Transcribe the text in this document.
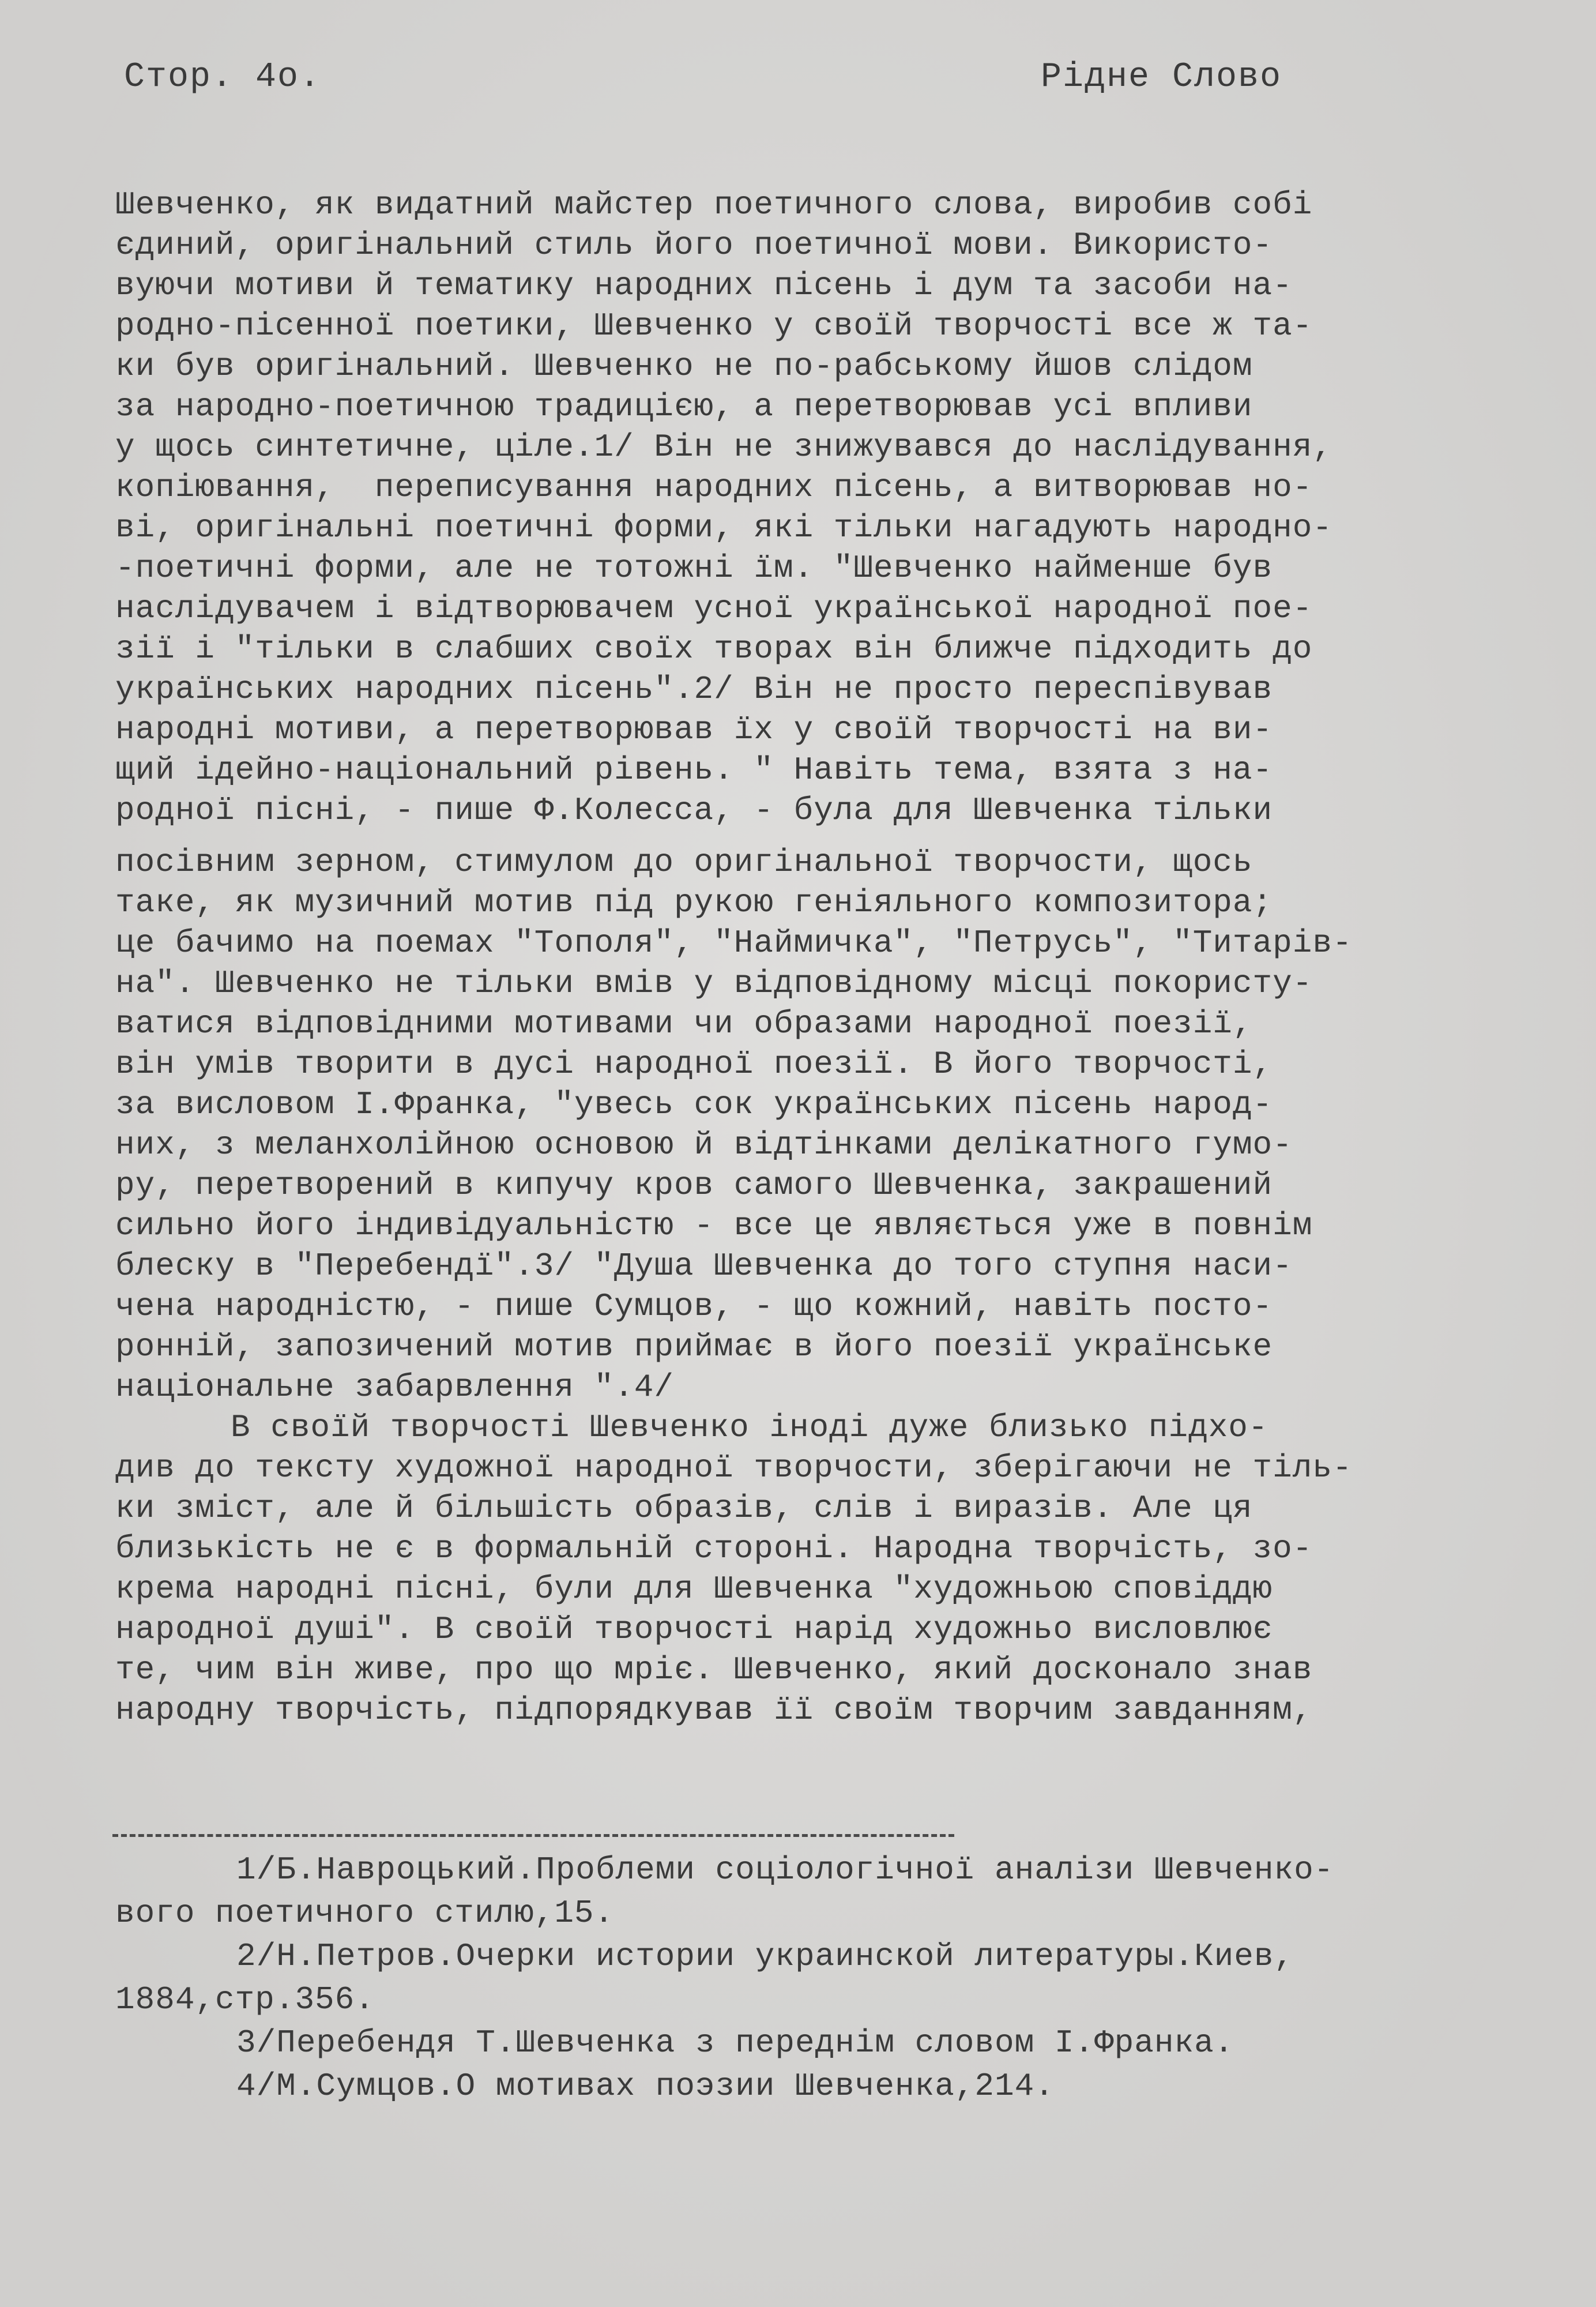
Стор. 4о.	Рідне Слово
Шевченко, як видатний майстер поетичного слова, виробив собі
єдиний, оригінальний стиль його поетичної мови. Використо-
вуючи мотиви й тематику народних пісень і дум та засоби на-
родно-пісенної поетики, Шевченко у своїй творчості все ж та-
ки був оригінальний. Шевченко не по-рабському йшов слідом
за народно-поетичною традицією, а перетворював усі впливи
у щось синтетичне, ціле.1/ Він не знижувався до наслідування,
копіювання,  переписування народних пісень, а витворював но-
ві, оригінальні поетичні форми, які тільки нагадують народно-
-поетичні форми, але не тотожні їм. "Шевченко найменше був
наслідувачем і відтворювачем усної української народної пое-
зії і "тільки в слабших своїх творах він ближче підходить до
українських народних пісень".2/ Він не просто переспівував
народні мотиви, а перетворював їх у своїй творчості на ви-
щий ідейно-національний рівень. " Навіть тема, взята з на-
родної пісні, - пише Ф.Колесса, - була для Шевченка тільки
посівним зерном, стимулом до оригінальної творчости, щось
таке, як музичний мотив під рукою геніяльного композитора;
це бачимо на поемах "Тополя", "Наймичка", "Петрусь", "Титарів-
на". Шевченко не тільки вмів у відповідному місці покористу-
ватися відповідними мотивами чи образами народної поезії,
він умів творити в дусі народної поезії. В його творчості,
за висловом І.Франка, "увесь сок українських пісень народ-
них, з меланхолійною основою й відтінками делікатного гумо-
ру, перетворений в кипучу кров самого Шевченка, закрашений
сильно його індивідуальністю - все це являється уже в повнім
блеску в "Перебендї".3/ "Душа Шевченка до того ступня наси-
чена народністю, - пише Сумцов, - що кожний, навіть посто-
ронній, запозичений мотив приймає в його поезії українське
національне забарвлення ".4/
В своїй творчості Шевченко іноді дуже близько підхо-
див до тексту художної народної творчости, зберігаючи не тіль-
ки зміст, але й більшість образів, слів і виразів. Але ця
близькість не є в формальній стороні. Народна творчість, зо-
крема народні пісні, були для Шевченка "художньою сповіддю
народної душі". В своїй творчості нарід художньо висловлює
те, чим він живе, про що мріє. Шевченко, який досконало знав
народну творчість, підпорядкував її своїм творчим завданням,
1/Б.Навроцький.Проблеми соціологічної аналізи Шевченко-
вого поетичного стилю,15.
2/Н.Петров.Очерки истории украинской литературы.Киев,
1884,стр.356.
3/Перебендя Т.Шевченка з переднім словом І.Франка.
4/М.Сумцов.О мотивах поэзии Шевченка,214.
